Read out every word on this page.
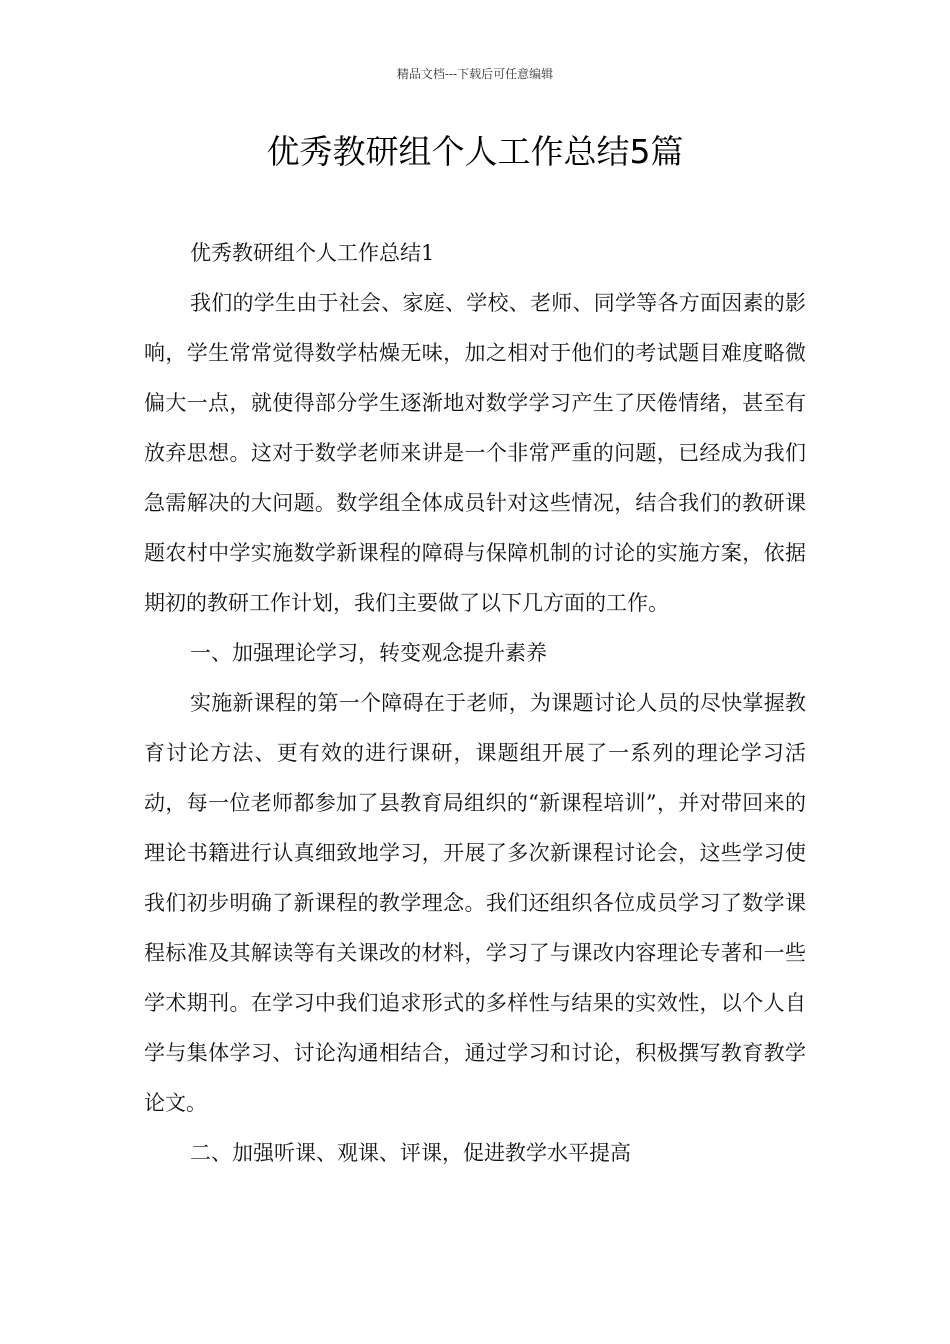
精品文档---下载后可任意编辑
优秀教研组个人工作总结5篇

优秀教研组个人工作总结1

我们的学生由于社会、家庭、学校、老师、同学等各方面因素的影响，学生常常觉得数学枯燥无味，加之相对于他们的考试题目难度略微偏大一点，就使得部分学生逐渐地对数学学习产生了厌倦情绪，甚至有放弃思想。这对于数学老师来讲是一个非常严重的问题，已经成为我们急需解决的大问题。数学组全体成员针对这些情况，结合我们的教研课题农村中学实施数学新课程的障碍与保障机制的讨论的实施方案，依据期初的教研工作计划，我们主要做了以下几方面的工作。

一、加强理论学习，转变观念提升素养

实施新课程的第一个障碍在于老师，为课题讨论人员的尽快掌握教育讨论方法、更有效的进行课研，课题组开展了一系列的理论学习活动，每一位老师都参加了县教育局组织的“新课程培训”，并对带回来的理论书籍进行认真细致地学习，开展了多次新课程讨论会，这些学习使我们初步明确了新课程的教学理念。我们还组织各位成员学习了数学课程标准及其解读等有关课改的材料，学习了与课改内容理论专著和一些学术期刊。在学习中我们追求形式的多样性与结果的实效性，以个人自学与集体学习、讨论沟通相结合，通过学习和讨论，积极撰写教育教学论文。

二、加强听课、观课、评课，促进教学水平提高
